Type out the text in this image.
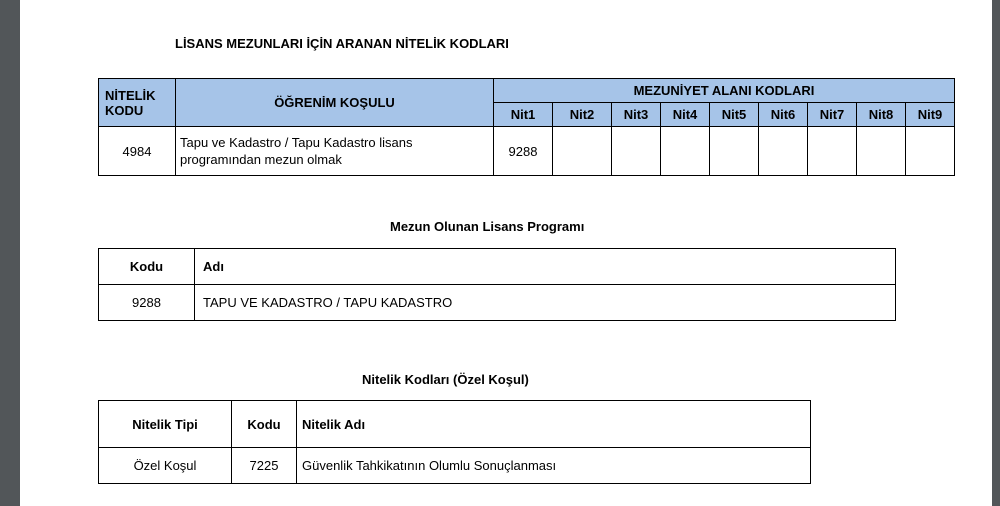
LİSANS MEZUNLARI İÇİN ARANAN NİTELİK KODLARI
NİTELİK KODU	ÖĞRENİM KOŞULU	MEZUNİYET ALANI KODLARI								
		Nit1	Nit2	Nit3	Nit4	Nit5	Nit6	Nit7	Nit8	Nit9
4984	Tapu ve Kadastro / Tapu Kadastro lisans programından mezun olmak	9288								
Mezun Olunan Lisans Programı
Kodu	Adı
9288	TAPU VE KADASTRO / TAPU KADASTRO
Nitelik Kodları (Özel Koşul)
Nitelik Tipi	Kodu	Nitelik Adı
Özel Koşul	7225	Güvenlik Tahkikatının Olumlu Sonuçlanması
